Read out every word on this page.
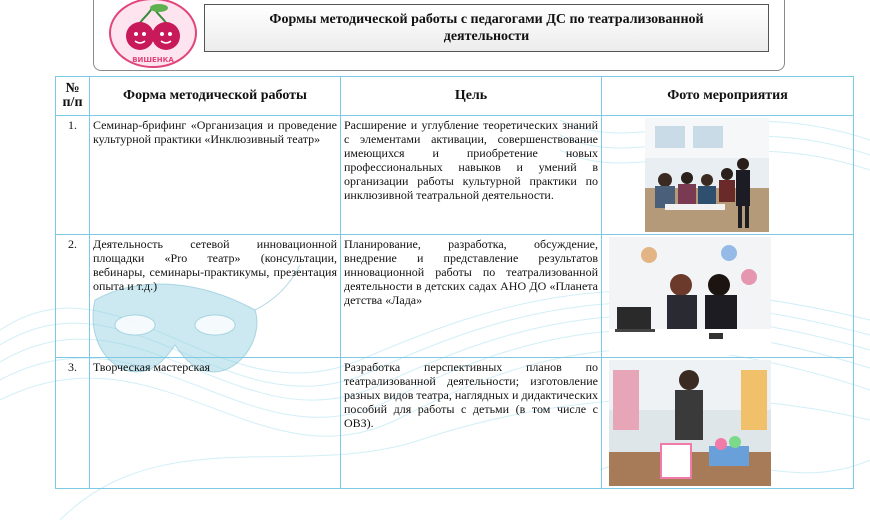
ВИШЕНКА
Формы методической работы с педагогами ДС по театрализованной деятельности
№ п/п	Форма методической работы	Цель	Фото мероприятия
1.	Семинар-брифинг «Организация и проведение культурной практики «Инклюзивный театр»	Расширение и углубление теоретических знаний с элементами активации, совершенствование имеющихся и приобретение новых профессиональных навыков и умений в организации работы культурной практики по инклюзивной театральной деятельности.	

2.	Деятельность сетевой инновационной площадки «Pro театр» (консультации, вебинары, семинары-практикумы, презентация опыта и т.д.)	Планирование, разработка, обсуждение, внедрение и представление результатов инновационной работы по театрализованной деятельности в детских садах АНО ДО «Планета детства «Лада»	

3.	Творческая мастерская	Разработка перспективных планов по театрализованной деятельности; изготовление разных видов театра, наглядных и дидактических пособий для работы с детьми (в том числе с ОВЗ).	
